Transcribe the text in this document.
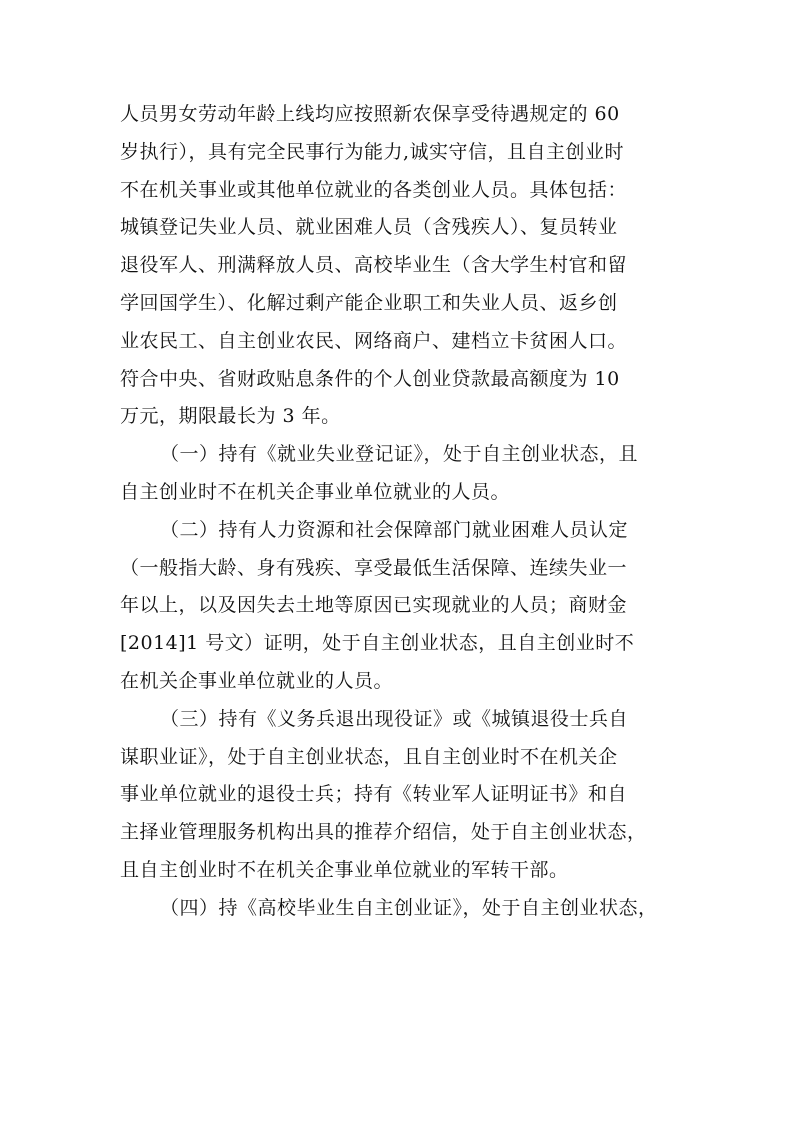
人员男女劳动年龄上线均应按照新农保享受待遇规定的 60
岁执行），具有完全民事行为能力,诚实守信，且自主创业时
不在机关事业或其他单位就业的各类创业人员。具体包括：
城镇登记失业人员、就业困难人员（含残疾人）、复员转业
退役军人、刑满释放人员、高校毕业生（含大学生村官和留
学回国学生）、化解过剩产能企业职工和失业人员、返乡创
业农民工、自主创业农民、网络商户、建档立卡贫困人口。
符合中央、省财政贴息条件的个人创业贷款最高额度为 10
万元，期限最长为 3 年。
（一）持有《就业失业登记证》，处于自主创业状态，且
自主创业时不在机关企事业单位就业的人员。
（二）持有人力资源和社会保障部门就业困难人员认定
（一般指大龄、身有残疾、享受最低生活保障、连续失业一
年以上，以及因失去土地等原因已实现就业的人员；商财金
[2014]1 号文）证明，处于自主创业状态，且自主创业时不
在机关企事业单位就业的人员。
（三）持有《义务兵退出现役证》或《城镇退役士兵自
谋职业证》，处于自主创业状态，且自主创业时不在机关企
事业单位就业的退役士兵；持有《转业军人证明证书》和自
主择业管理服务机构出具的推荐介绍信，处于自主创业状态，
且自主创业时不在机关企事业单位就业的军转干部。
（四）持《高校毕业生自主创业证》，处于自主创业状态，
